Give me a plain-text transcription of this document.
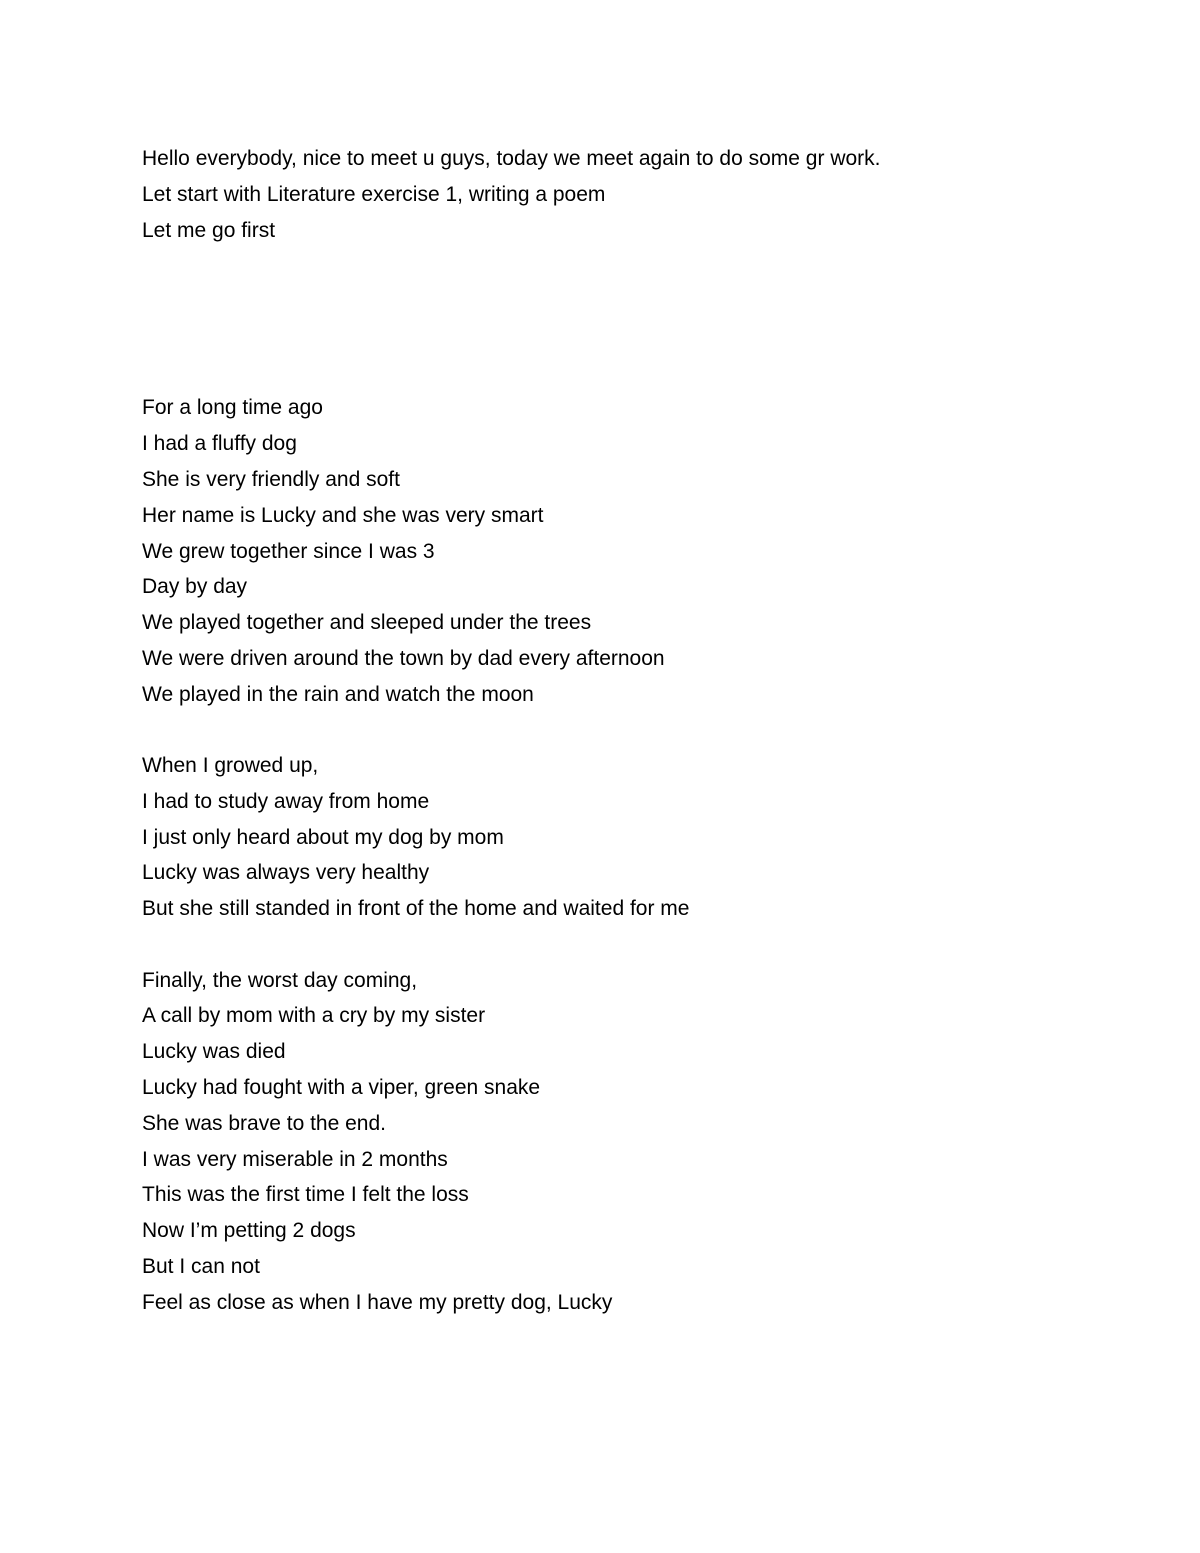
Hello everybody, nice to meet u guys, today we meet again to do some gr work.

Let start with Literature exercise 1, writing a poem

Let me go first

For a long time ago

I had a fluffy dog

She is very friendly and soft

Her name is Lucky and she was very smart

We grew together since I was 3

Day by day

We played together and sleeped under the trees

We were driven around the town by dad every afternoon

We played in the rain and watch the moon

When I growed up,

I had to study away from home

I just only heard about my dog by mom

Lucky was always very healthy

But she still standed in front of the home and waited for me

Finally, the worst day coming,

A call by mom with a cry by my sister

Lucky was died

Lucky had fought with a viper, green snake

She was brave to the end.

I was very miserable in 2 months

This was the first time I felt the loss

Now I’m petting 2 dogs

But I can not

Feel as close as when I have my pretty dog, Lucky
